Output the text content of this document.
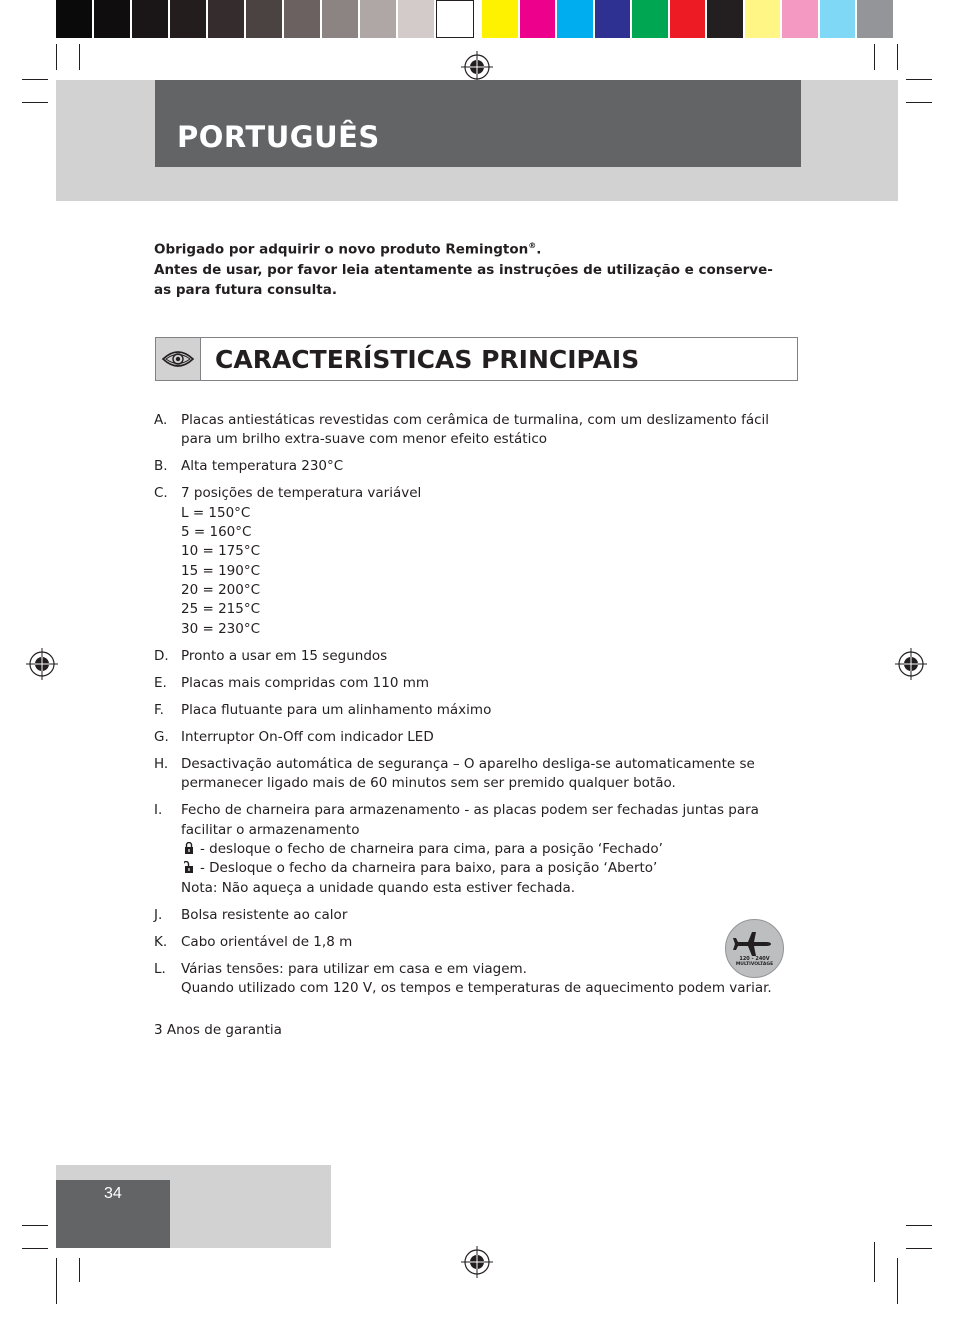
PORTUGUÊS

Obrigado por adquirir o novo produto Remington®.

Antes de usar, por favor leia atentamente as instruções de utilização e conserve-

as para futura consulta.

CARACTERÍSTICAS PRINCIPAIS
A.	Placas antiestáticas revestidas com cerâmica de turmalina, com um deslizamento fácil
para um brilho extra-suave com menor efeito estático
B. Alta temperatura 230°C
C. 7 posições de temperatura variável
L = 150°C
5 = 160°C
10 = 175°C
15 = 190°C
20 = 200°C
25 = 215°C
30 = 230°C
D. Pronto a usar em 15 segundos
E.	Placas mais compridas com 110 mm
F.	Placa flutuante para um alinhamento máximo
G. Interruptor On-Off com indicador LED
H. Desactivação automática de segurança – O aparelho desliga-se automaticamente se
permanecer ligado mais de 60 minutos sem ser premido qualquer botão.
I.	Fecho de charneira para armazenamento - as placas podem ser fechadas juntas para
facilitar o armazenamento
- desloque o fecho de charneira para cima, para a posição ‘Fechado’
- Desloque o fecho da charneira para baixo, para a posição ‘Aberto’
Nota: Não aqueça a unidade quando esta estiver fechada.
J.	Bolsa resistente ao calor
K.	Cabo orientável de 1,8 m
L.	Várias tensões: para utilizar em casa e em viagem.
Quando utilizado com 120 V, os tempos e temperaturas de aquecimento podem variar.
120 - 240V
MULTIVOLTAGE
3 Anos de garantia
34
